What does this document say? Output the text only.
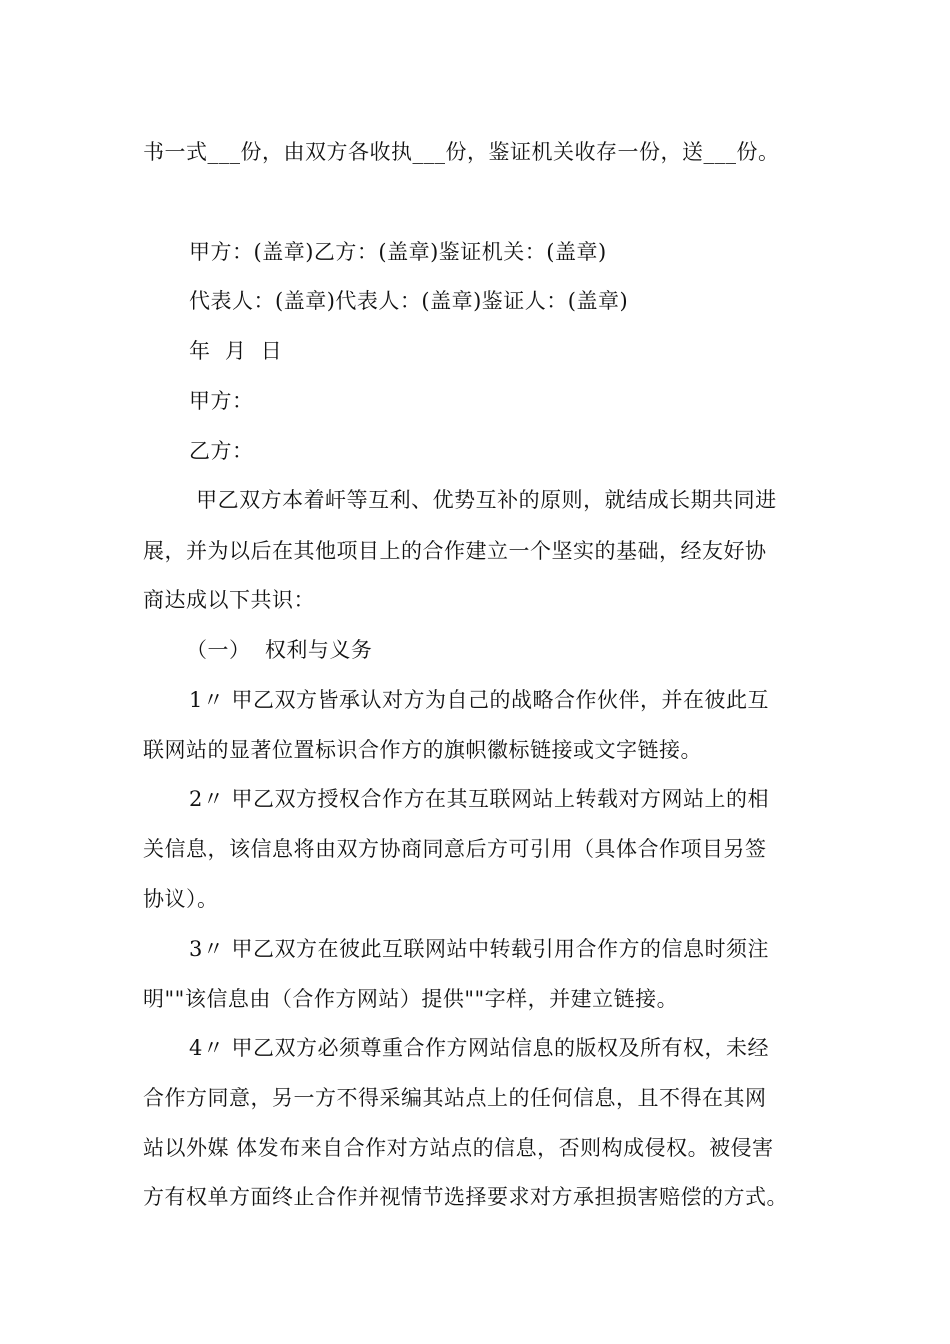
书一式___份，由双方各收执___份，鉴证机关收存一份，送___份。
甲方：(盖章)乙方：(盖章)鉴证机关：(盖章)
代表人：(盖章)代表人：(盖章)鉴证人：(盖章)
年  月  日
甲方：
乙方：
甲乙双方本着屽等互利、优势互补的原则，就结成长期共同进
展，并为以后在其他项目上的合作建立一个坚实的基础，经友好协
商达成以下共识：
（一）  权利与义务
1〃 甲乙双方皆承认对方为自己的战略合作伙伴，并在彼此互
联网站的显著位置标识合作方的旗帜徽标链接或文字链接。
2〃 甲乙双方授权合作方在其互联网站上转载对方网站上的相
关信息，该信息将由双方协商同意后方可引用（具体合作项目另签
协议）。
3〃 甲乙双方在彼此互联网站中转载引用合作方的信息时须注
明""该信息由（合作方网站）提供""字样，并建立链接。
4〃 甲乙双方必须尊重合作方网站信息的版权及所有权，未经
合作方同意，另一方不得采编其站点上的任何信息，且不得在其网
站以外媒 体发布来自合作对方站点的信息，否则构成侵权。被侵害
方有权单方面终止合作并视情节选择要求对方承担损害赔偿的方式。
